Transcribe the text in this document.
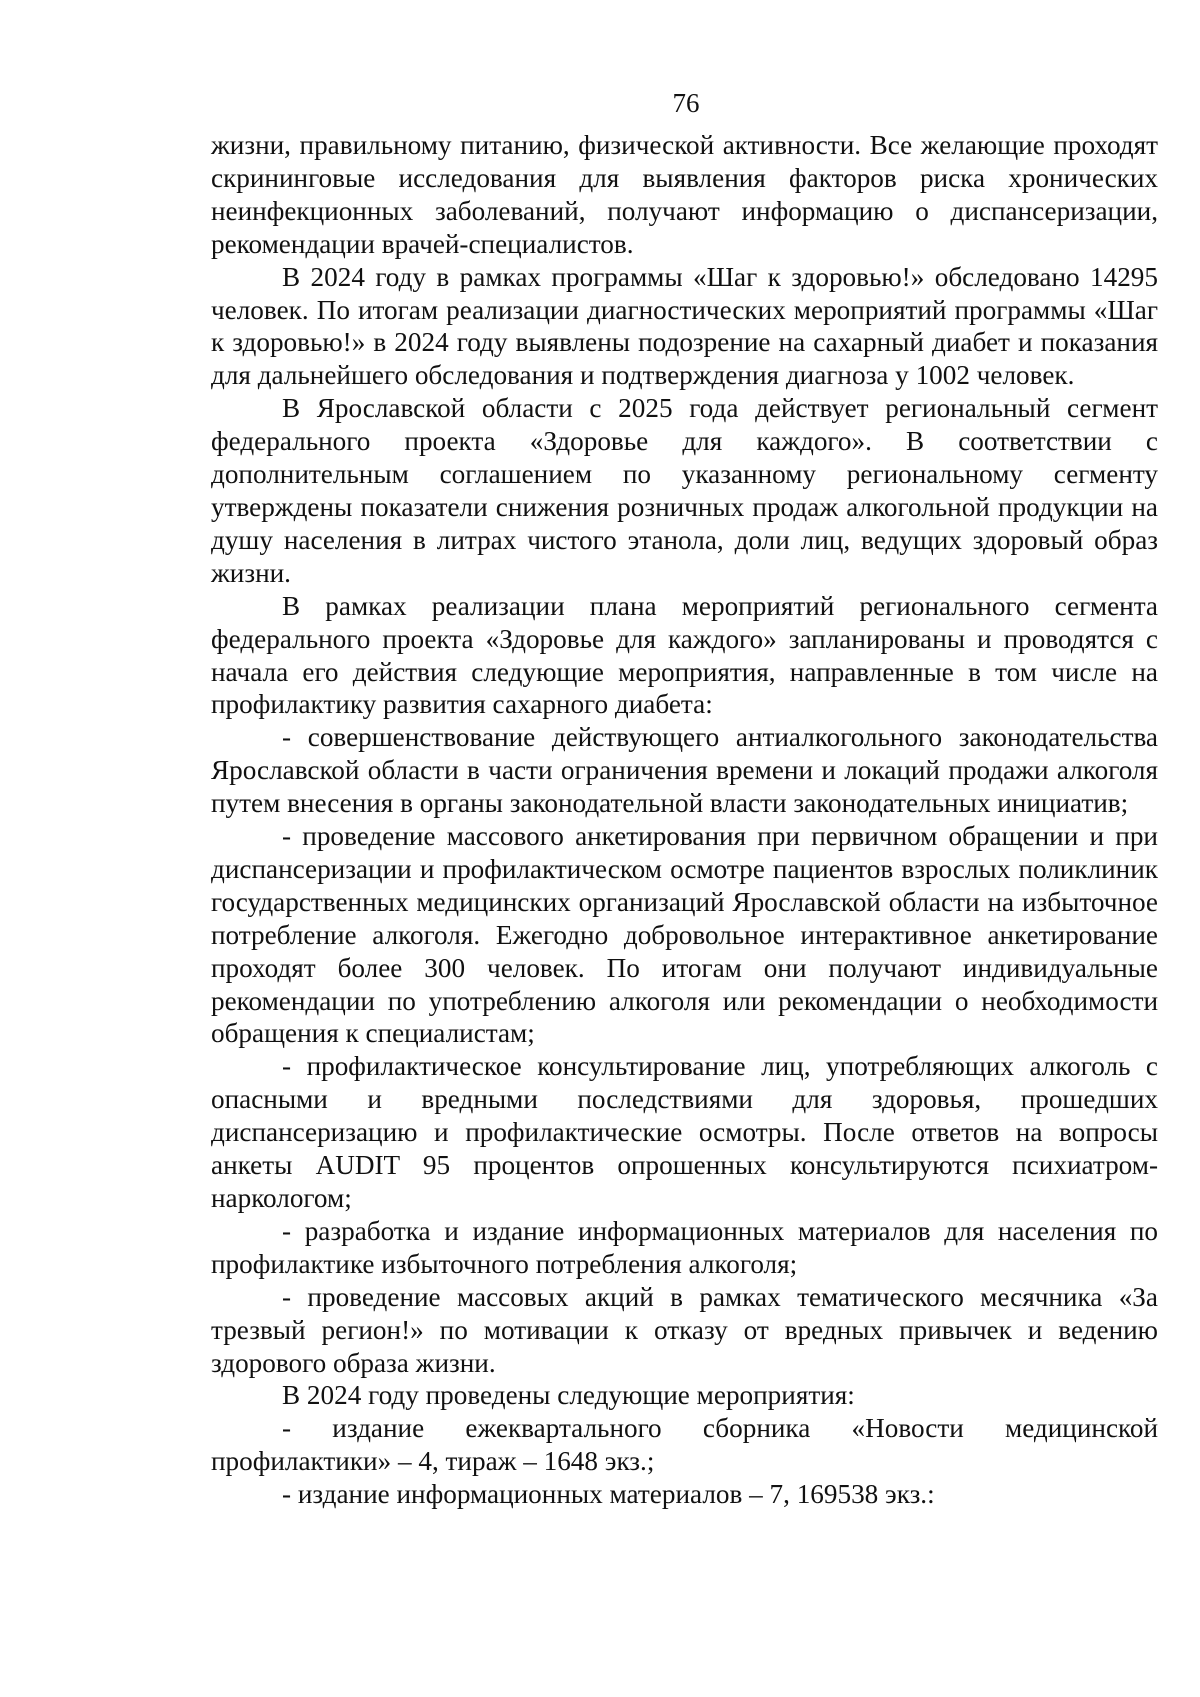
76

жизни, правильному питанию, физической активности. Все желающие проходят скрининговые исследования для выявления факторов риска хронических неинфекционных заболеваний, получают информацию о диспансеризации, рекомендации врачей-специалистов.

В 2024 году в рамках программы «Шаг к здоровью!» обследовано 14295 человек. По итогам реализации диагностических мероприятий программы «Шаг к здоровью!» в 2024 году выявлены подозрение на сахарный диабет и показания для дальнейшего обследования и подтверждения диагноза у 1002 человек.

В Ярославской области с 2025 года действует региональный сегмент федерального проекта «Здоровье для каждого». В соответствии с дополнительным соглашением по указанному региональному сегменту утверждены показатели снижения розничных продаж алкогольной продукции на душу населения в литрах чистого этанола, доли лиц, ведущих здоровый образ жизни.

В рамках реализации плана мероприятий регионального сегмента федерального проекта «Здоровье для каждого» запланированы и проводятся с начала его действия следующие мероприятия, направленные в том числе на профилактику развития сахарного диабета:

- совершенствование действующего антиалкогольного законодательства Ярославской области в части ограничения времени и локаций продажи алкоголя путем внесения в органы законодательной власти законодательных инициатив;

- проведение массового анкетирования при первичном обращении и при диспансеризации и профилактическом осмотре пациентов взрослых поликлиник государственных медицинских организаций Ярославской области на избыточное потребление алкоголя. Ежегодно добровольное интерактивное анкетирование проходят более 300 человек. По итогам они получают индивидуальные рекомендации по употреблению алкоголя или рекомендации о необходимости обращения к специалистам;

- профилактическое консультирование лиц, употребляющих алкоголь с опасными и вредными последствиями для здоровья, прошедших диспансеризацию и профилактические осмотры. После ответов на вопросы анкеты AUDIT 95 процентов опрошенных консультируются психиатром-наркологом;

- разработка и издание информационных материалов для населения по профилактике избыточного потребления алкоголя;

- проведение массовых акций в рамках тематического месячника «За трезвый регион!» по мотивации к отказу от вредных привычек и ведению здорового образа жизни.

В 2024 году проведены следующие мероприятия:

- издание ежеквартального сборника «Новости медицинской профилактики» – 4, тираж – 1648 экз.;

- издание информационных материалов – 7, 169538 экз.:
